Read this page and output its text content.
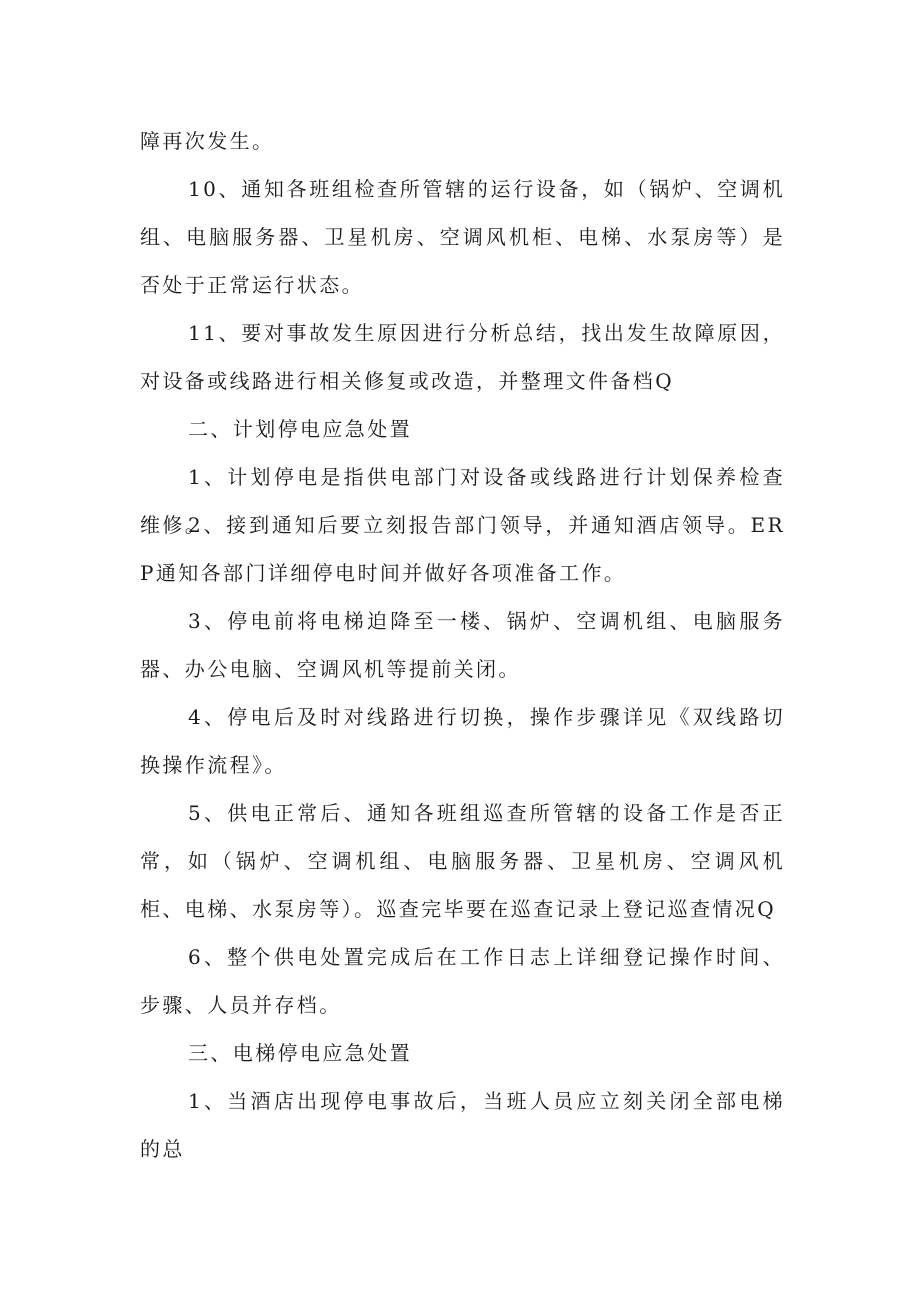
障再次发生。

10、通知各班组检查所管辖的运行设备，如（锅炉、空调机组、电脑服务器、卫星机房、空调风机柜、电梯、水泵房等）是否处于正常运行状态。

11、要对事故发生原因进行分析总结，找出发生故障原因，对设备或线路进行相关修复或改造，并整理文件备档Q

二、计划停电应急处置

1、计划停电是指供电部门对设备或线路进行计划保养检查维修。

2、接到通知后要立刻报告部门领导，并通知酒店领导。ERP通知各部门详细停电时间并做好各项准备工作。

3、停电前将电梯迫降至一楼、锅炉、空调机组、电脑服务器、办公电脑、空调风机等提前关闭。

4、停电后及时对线路进行切换，操作步骤详见《双线路切换操作流程》。

5、供电正常后、通知各班组巡查所管辖的设备工作是否正常，如（锅炉、空调机组、电脑服务器、卫星机房、空调风机柜、电梯、水泵房等）。巡查完毕要在巡查记录上登记巡查情况Q

6、整个供电处置完成后在工作日志上详细登记操作时间、步骤、人员并存档。

三、电梯停电应急处置

1、当酒店出现停电事故后，当班人员应立刻关闭全部电梯的总
